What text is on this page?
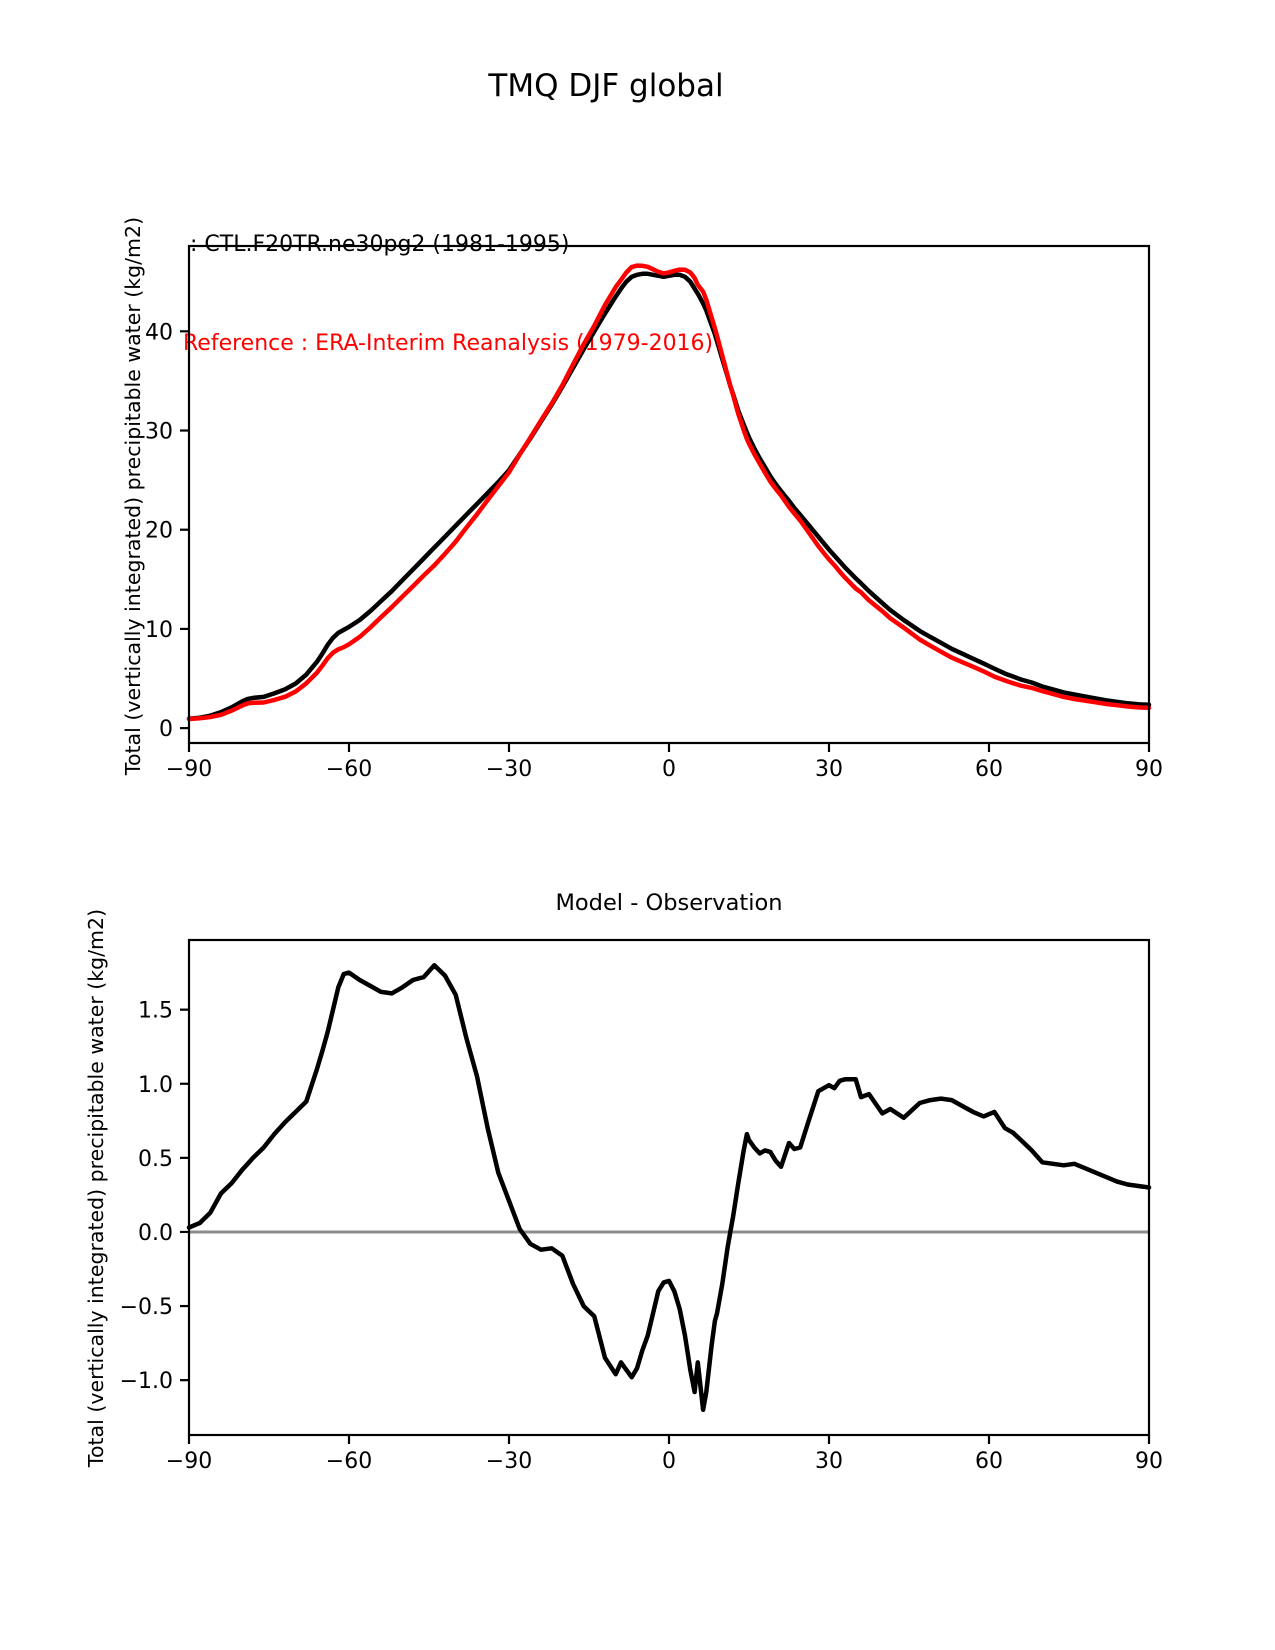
TMQ DJF global

: CTL.F20TR.ne30pg2 (1981-1995)

Reference : ERA-Interim Reanalysis (1979-2016)

Total (vertically integrated) precipitable water (kg/m2)
Total (vertically integrated) precipitable water (kg/m2)
Model - Observation
−90	−60	−30	0	30	60	90
0
10
20
30
40
−90	−60	−30	0	30	60	90
1.5
1.0
0.5
0.0
−0.5
−1.0
